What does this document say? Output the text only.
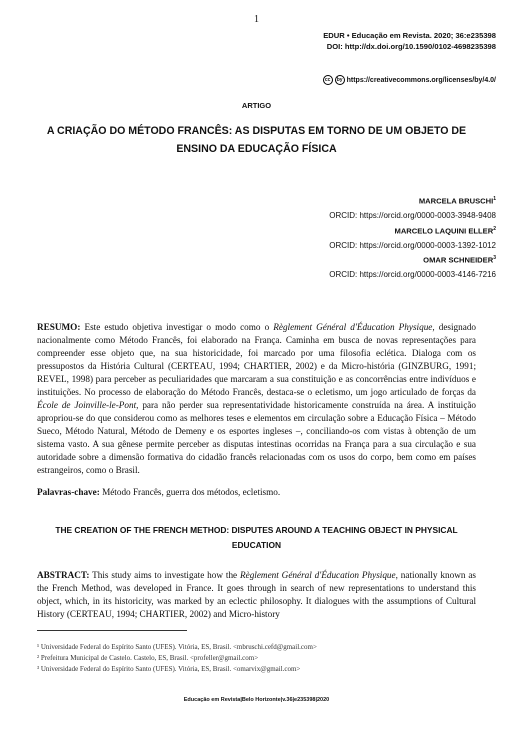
1
EDUR • Educação em Revista. 2020; 36:e235398
DOI: http://dx.doi.org/10.1590/0102-4698235398
cc	by https://creativecommons.org/licenses/by/4.0/
ARTIGO
A CRIAÇÃO DO MÉTODO FRANCÊS: AS DISPUTAS EM TORNO DE UM OBJETO DE ENSINO DA EDUCAÇÃO FÍSICA
MARCELA BRUSCHI$^1$
ORCID: https://orcid.org/0000-0003-3948-9408
MARCELO LAQUINI ELLER$^2$
ORCID: https://orcid.org/0000-0003-1392-1012
OMAR SCHNEIDER$^3$
ORCID: https://orcid.org/0000-0003-4146-7216
RESUMO: Este estudo objetiva investigar o modo como o Règlement Général d'Éducation Physique, designado nacionalmente como Método Francês, foi elaborado na França. Caminha em busca de novas representações para compreender esse objeto que, na sua historicidade, foi marcado por uma filosofia eclética. Dialoga com os pressupostos da História Cultural (CERTEAU, 1994; CHARTIER, 2002) e da Micro-história (GINZBURG, 1991; REVEL, 1998) para perceber as peculiaridades que marcaram a sua constituição e as concorrências entre indivíduos e instituições. No processo de elaboração do Método Francês, destaca-se o ecletismo, um jogo articulado de forças da École de Joinville-le-Pont, para não perder sua representatividade historicamente construída na área. A instituição apropriou-se do que considerou como as melhores teses e elementos em circulação sobre a Educação Física – Método Sueco, Método Natural, Método de Demeny e os esportes ingleses –, conciliando-os com vistas à obtenção de um sistema vasto. A sua gênese permite perceber as disputas intestinas ocorridas na França para a sua circulação e sua autoridade sobre a dimensão formativa do cidadão francês relacionadas com os usos do corpo, bem como em países estrangeiros, como o Brasil.
Palavras-chave: Método Francês, guerra dos métodos, ecletismo.
THE CREATION OF THE FRENCH METHOD: DISPUTES AROUND A TEACHING OBJECT IN PHYSICAL EDUCATION
ABSTRACT: This study aims to investigate how the Règlement Général d'Éducation Physique, nationally known as the French Method, was developed in France. It goes through in search of new representations to understand this object, which, in its historicity, was marked by an eclectic philosophy. It dialogues with the assumptions of Cultural History (CERTEAU, 1994; CHARTIER, 2002) and Micro-history
¹ Universidade Federal do Espírito Santo (UFES). Vitória, ES, Brasil. <mbruschi.cefd@gmail.com>
² Prefeitura Municipal de Castelo. Castelo, ES, Brasil. <profeller@gmail.com>
³ Universidade Federal do Espírito Santo (UFES). Vitória, ES, Brasil. <omarvix@gmail.com>
Educação em Revista|Belo Horizonte|v.36|e235398|2020
